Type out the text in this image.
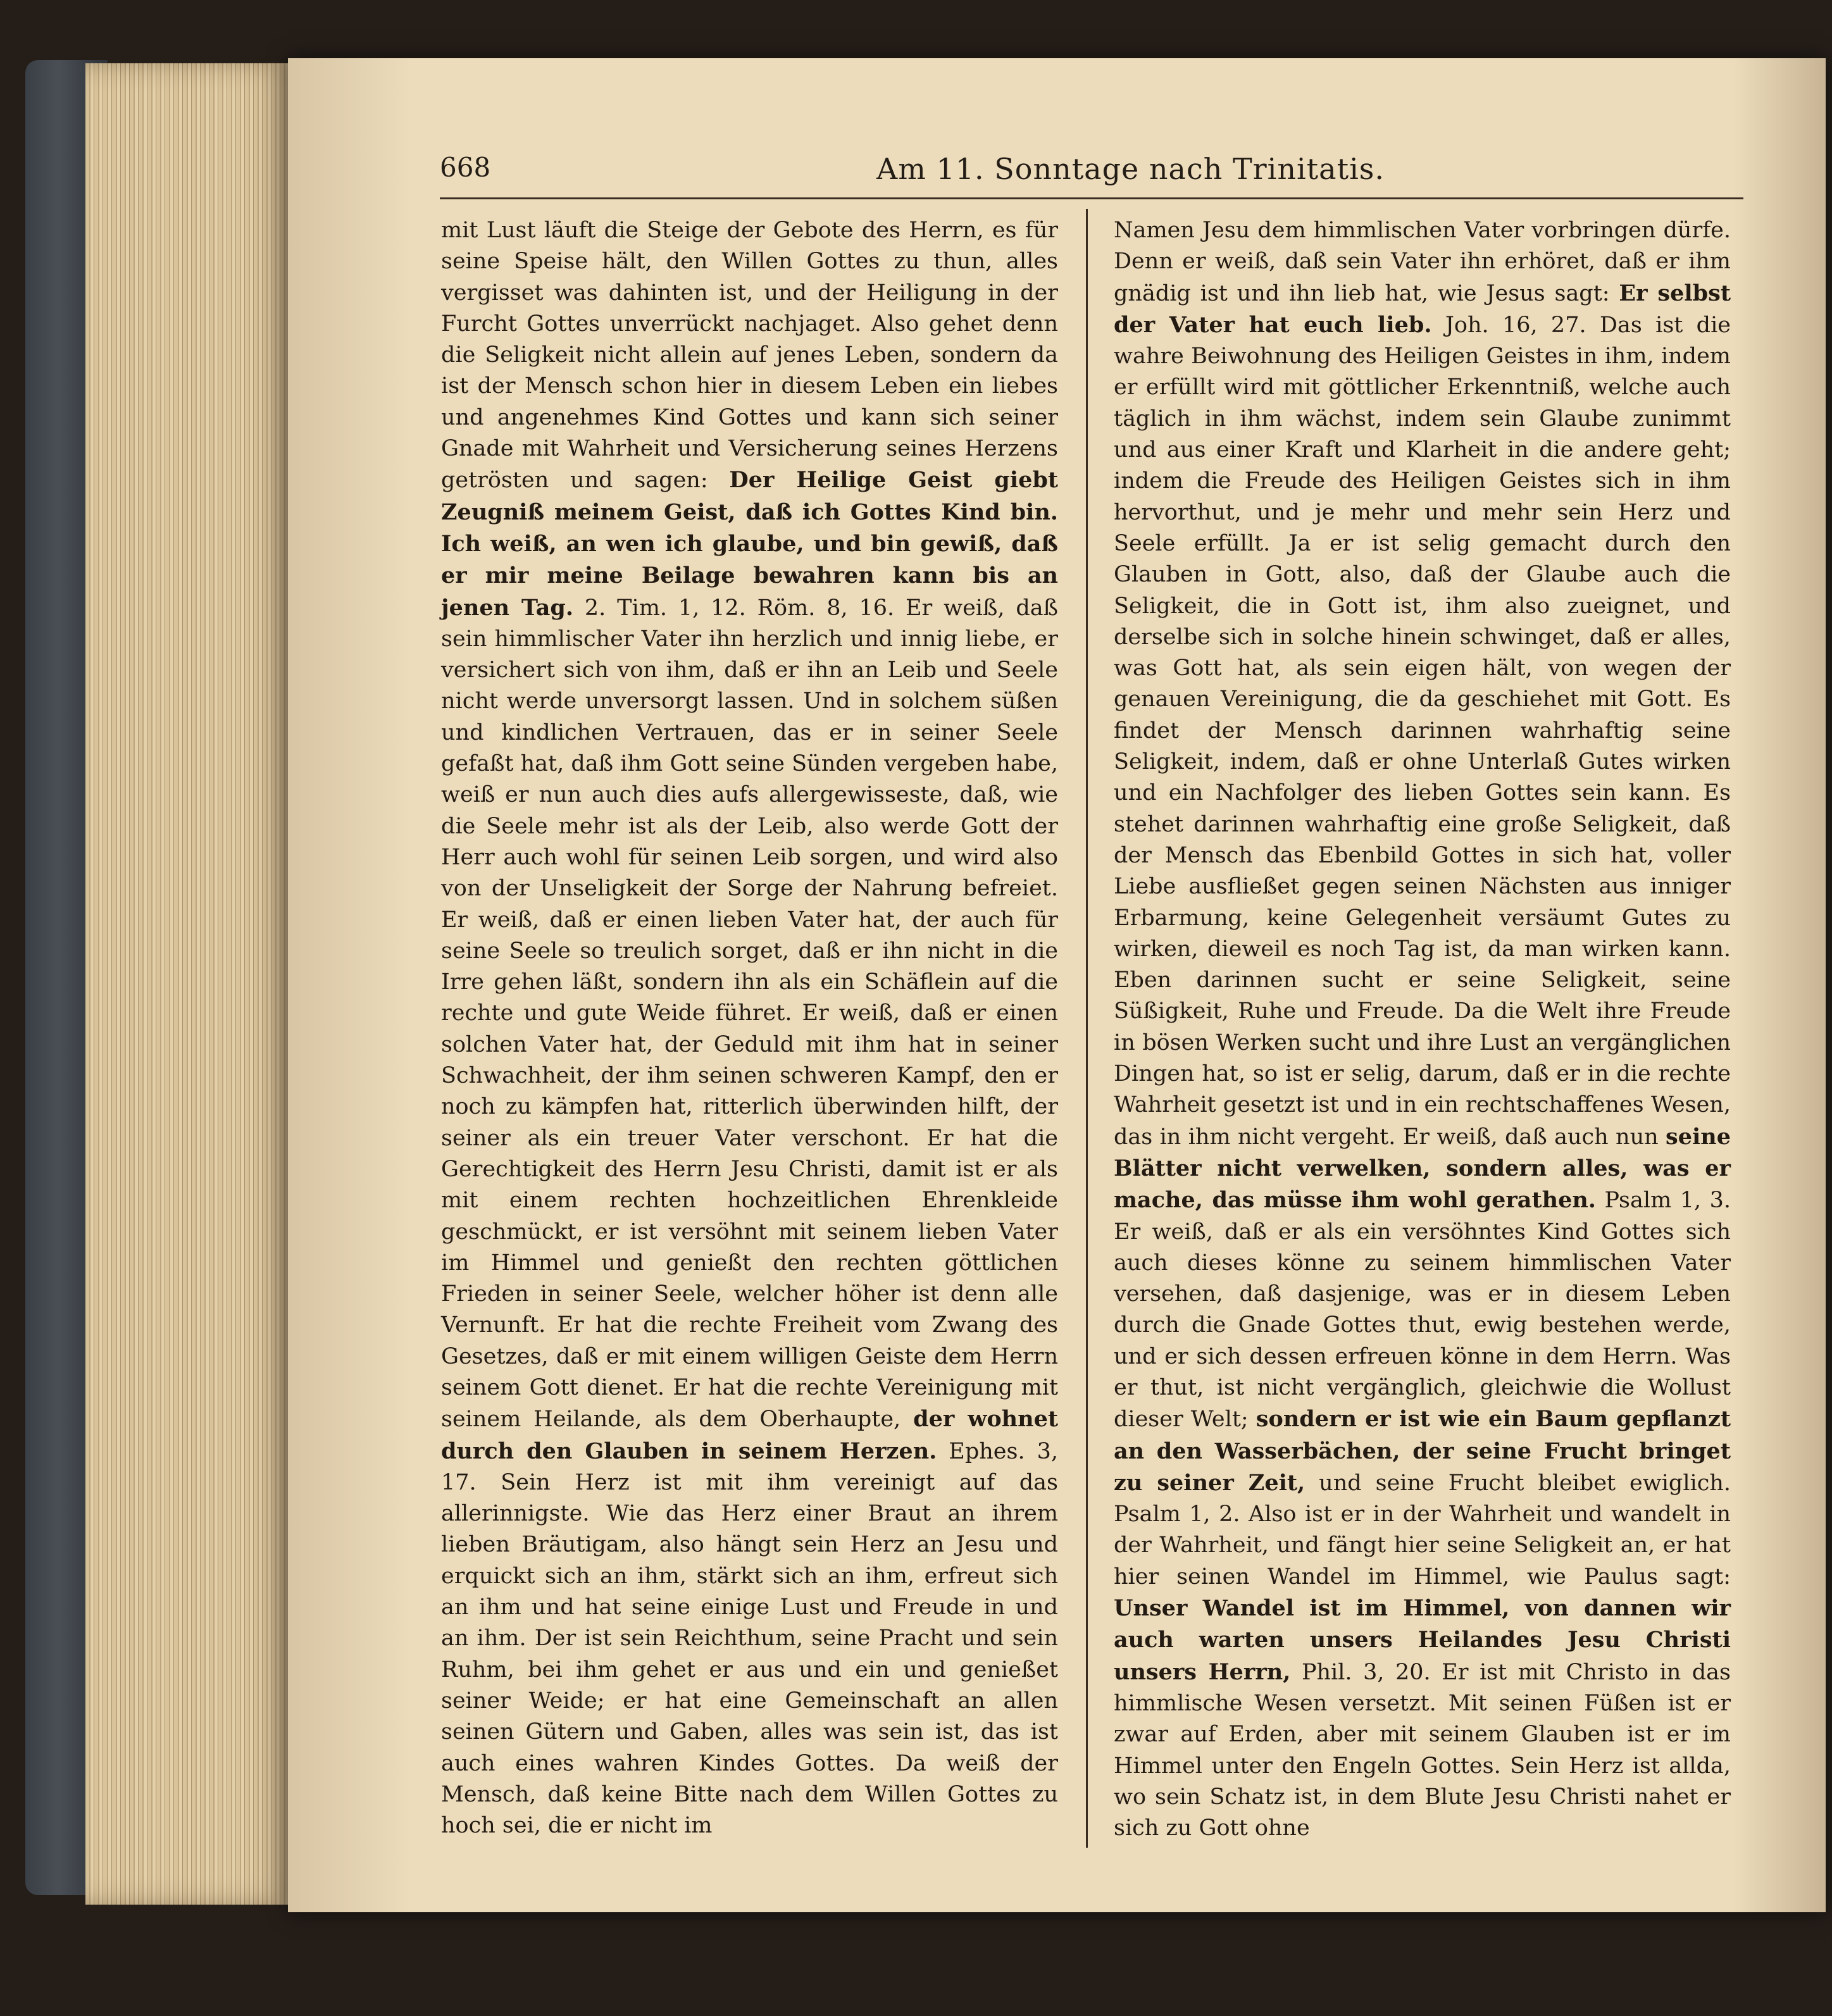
668	Am 11. Sonntage nach Trinitatis.

mit Lust läuft die Steige der Gebote des Herrn, es für seine Speise hält, den Willen Gottes zu thun, alles vergisset was dahinten ist, und der Heiligung in der Furcht Gottes unverrückt nachjaget. Also gehet denn die Seligkeit nicht allein auf jenes Leben, sondern da ist der Mensch schon hier in diesem Leben ein liebes und angenehmes Kind Gottes und kann sich seiner Gnade mit Wahrheit und Versicherung seines Herzens getrösten und sagen: Der Heilige Geist giebt Zeugniß meinem Geist, daß ich Gottes Kind bin. Ich weiß, an wen ich glaube, und bin gewiß, daß er mir meine Beilage bewahren kann bis an jenen Tag. 2. Tim. 1, 12. Röm. 8, 16. Er weiß, daß sein himmlischer Vater ihn herzlich und innig liebe, er versichert sich von ihm, daß er ihn an Leib und Seele nicht werde unversorgt lassen. Und in solchem süßen und kindlichen Vertrauen, das er in seiner Seele gefaßt hat, daß ihm Gott seine Sünden vergeben habe, weiß er nun auch dies aufs allergewisseste, daß, wie die Seele mehr ist als der Leib, also werde Gott der Herr auch wohl für seinen Leib sorgen, und wird also von der Unseligkeit der Sorge der Nahrung befreiet. Er weiß, daß er einen lieben Vater hat, der auch für seine Seele so treulich sorget, daß er ihn nicht in die Irre gehen läßt, sondern ihn als ein Schäflein auf die rechte und gute Weide führet. Er weiß, daß er einen solchen Vater hat, der Geduld mit ihm hat in seiner Schwachheit, der ihm seinen schweren Kampf, den er noch zu kämpfen hat, ritterlich überwinden hilft, der seiner als ein treuer Vater verschont. Er hat die Gerechtigkeit des Herrn Jesu Christi, damit ist er als mit einem rechten hochzeitlichen Ehrenkleide geschmückt, er ist versöhnt mit seinem lieben Vater im Himmel und genießt den rechten göttlichen Frieden in seiner Seele, welcher höher ist denn alle Vernunft. Er hat die rechte Freiheit vom Zwang des Gesetzes, daß er mit einem willigen Geiste dem Herrn seinem Gott dienet. Er hat die rechte Vereinigung mit seinem Heilande, als dem Oberhaupte, der wohnet durch den Glauben in seinem Herzen. Ephes. 3, 17. Sein Herz ist mit ihm vereinigt auf das allerinnigste. Wie das Herz einer Braut an ihrem lieben Bräutigam, also hängt sein Herz an Jesu und erquickt sich an ihm, stärkt sich an ihm, erfreut sich an ihm und hat seine einige Lust und Freude in und an ihm. Der ist sein Reichthum, seine Pracht und sein Ruhm, bei ihm gehet er aus und ein und genießet seiner Weide; er hat eine Gemeinschaft an allen seinen Gütern und Gaben, alles was sein ist, das ist auch eines wahren Kindes Gottes. Da weiß der Mensch, daß keine Bitte nach dem Willen Gottes zu hoch sei, die er nicht im

Namen Jesu dem himmlischen Vater vorbringen dürfe. Denn er weiß, daß sein Vater ihn erhöret, daß er ihm gnädig ist und ihn lieb hat, wie Jesus sagt: Er selbst der Vater hat euch lieb. Joh. 16, 27. Das ist die wahre Beiwohnung des Heiligen Geistes in ihm, indem er erfüllt wird mit göttlicher Erkenntniß, welche auch täglich in ihm wächst, indem sein Glaube zunimmt und aus einer Kraft und Klarheit in die andere geht; indem die Freude des Heiligen Geistes sich in ihm hervorthut, und je mehr und mehr sein Herz und Seele erfüllt. Ja er ist selig gemacht durch den Glauben in Gott, also, daß der Glaube auch die Seligkeit, die in Gott ist, ihm also zueignet, und derselbe sich in solche hinein schwinget, daß er alles, was Gott hat, als sein eigen hält, von wegen der genauen Vereinigung, die da geschiehet mit Gott. Es findet der Mensch darinnen wahrhaftig seine Seligkeit, indem, daß er ohne Unterlaß Gutes wirken und ein Nachfolger des lieben Gottes sein kann. Es stehet darinnen wahrhaftig eine große Seligkeit, daß der Mensch das Ebenbild Gottes in sich hat, voller Liebe ausfließet gegen seinen Nächsten aus inniger Erbarmung, keine Gelegenheit versäumt Gutes zu wirken, dieweil es noch Tag ist, da man wirken kann. Eben darinnen sucht er seine Seligkeit, seine Süßigkeit, Ruhe und Freude. Da die Welt ihre Freude in bösen Werken sucht und ihre Lust an vergänglichen Dingen hat, so ist er selig, darum, daß er in die rechte Wahrheit gesetzt ist und in ein rechtschaffenes Wesen, das in ihm nicht vergeht. Er weiß, daß auch nun seine Blätter nicht verwelken, sondern alles, was er mache, das müsse ihm wohl gerathen. Psalm 1, 3. Er weiß, daß er als ein versöhntes Kind Gottes sich auch dieses könne zu seinem himmlischen Vater versehen, daß dasjenige, was er in diesem Leben durch die Gnade Gottes thut, ewig bestehen werde, und er sich dessen erfreuen könne in dem Herrn. Was er thut, ist nicht vergänglich, gleichwie die Wollust dieser Welt; sondern er ist wie ein Baum gepflanzt an den Wasserbächen, der seine Frucht bringet zu seiner Zeit, und seine Frucht bleibet ewiglich. Psalm 1, 2. Also ist er in der Wahrheit und wandelt in der Wahrheit, und fängt hier seine Seligkeit an, er hat hier seinen Wandel im Himmel, wie Paulus sagt: Unser Wandel ist im Himmel, von dannen wir auch warten unsers Heilandes Jesu Christi unsers Herrn, Phil. 3, 20. Er ist mit Christo in das himmlische Wesen versetzt. Mit seinen Füßen ist er zwar auf Erden, aber mit seinem Glauben ist er im Himmel unter den Engeln Gottes. Sein Herz ist allda, wo sein Schatz ist, in dem Blute Jesu Christi nahet er sich zu Gott ohne
